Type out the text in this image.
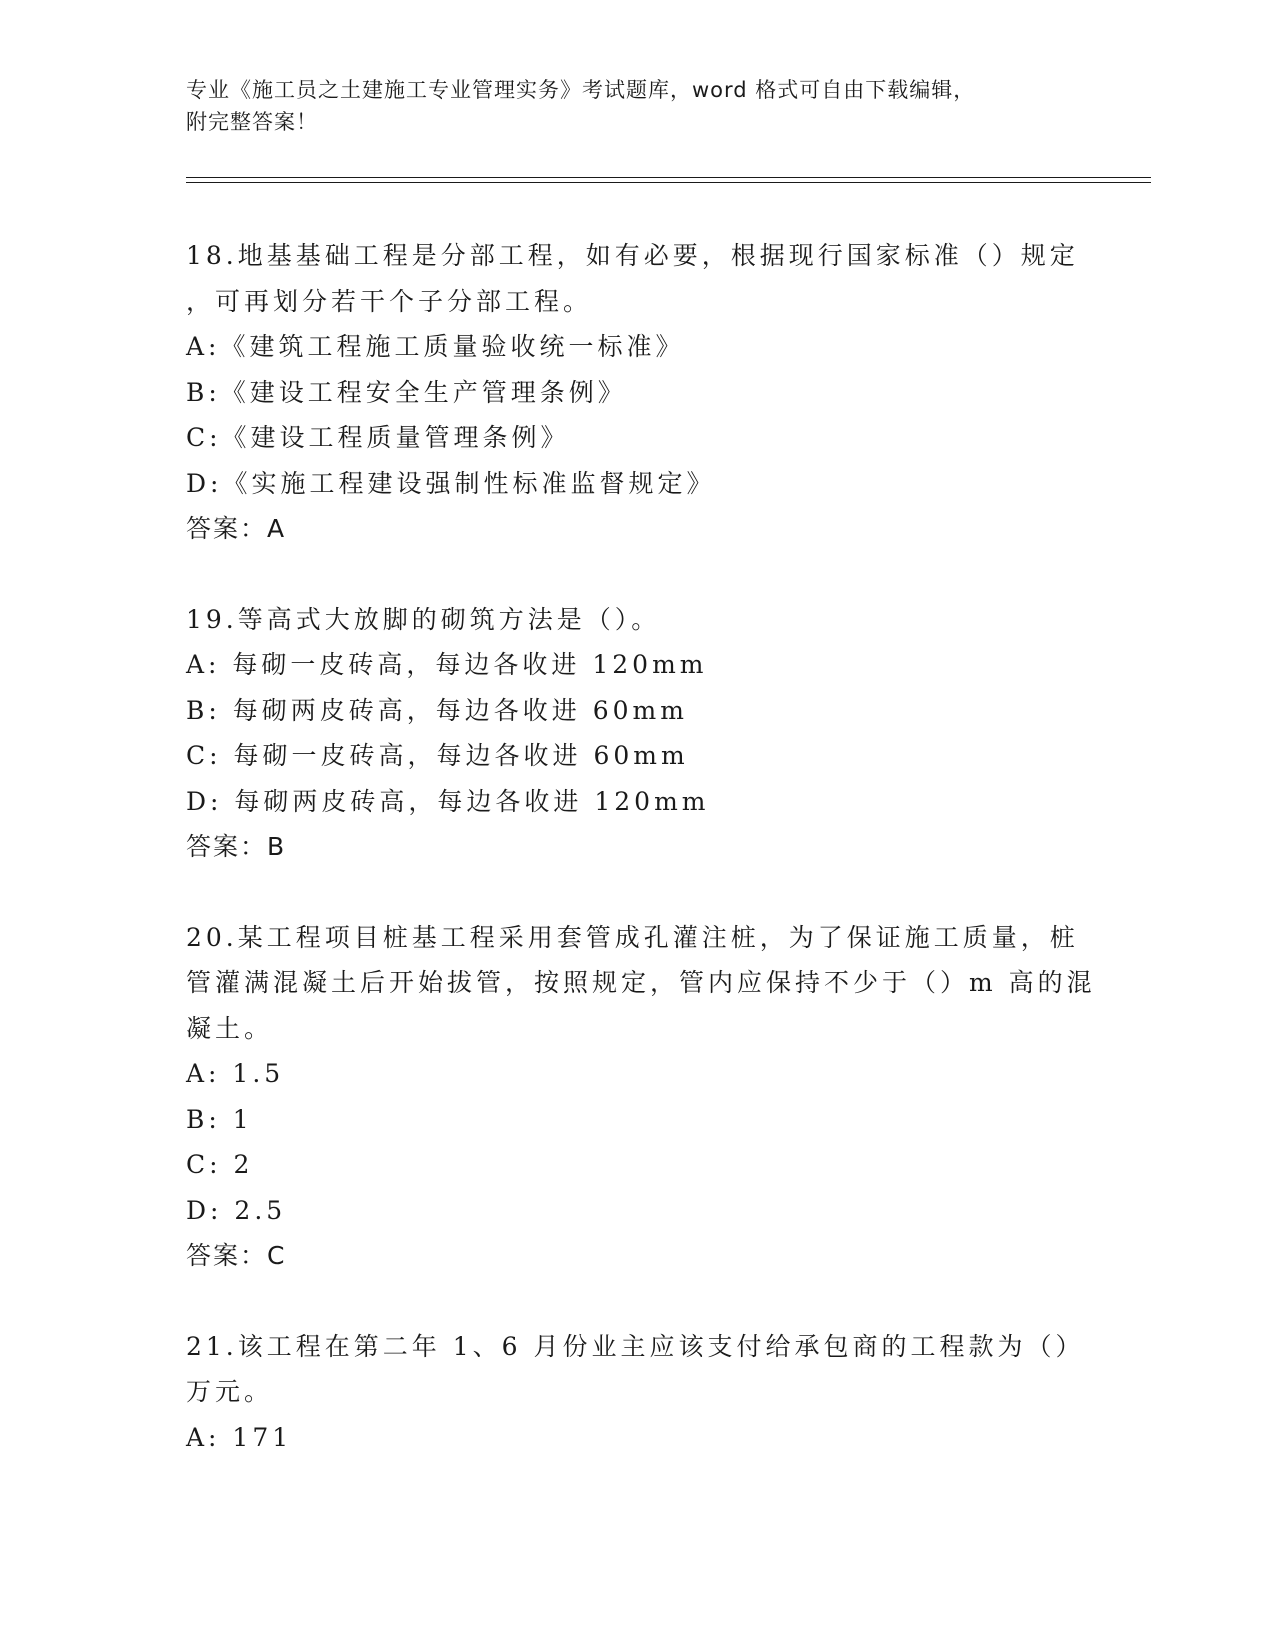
专业《施工员之土建施工专业管理实务》考试题库，word 格式可自由下载编辑，
附完整答案！
18.地基基础工程是分部工程，如有必要，根据现行国家标准（）规定
，可再划分若干个子分部工程。
A:《建筑工程施工质量验收统一标准》
B:《建设工程安全生产管理条例》
C:《建设工程质量管理条例》
D:《实施工程建设强制性标准监督规定》
答案：A
19.等高式大放脚的砌筑方法是（）。
A: 每砌一皮砖高，每边各收进 120mm
B: 每砌两皮砖高，每边各收进 60mm
C: 每砌一皮砖高，每边各收进 60mm
D: 每砌两皮砖高，每边各收进 120mm
答案：B
20.某工程项目桩基工程采用套管成孔灌注桩，为了保证施工质量，桩
管灌满混凝土后开始拔管，按照规定，管内应保持不少于（）m 高的混
凝土。
A: 1.5
B: 1
C: 2
D: 2.5
答案：C
21.该工程在第二年 1、6 月份业主应该支付给承包商的工程款为（）
万元。
A: 171
